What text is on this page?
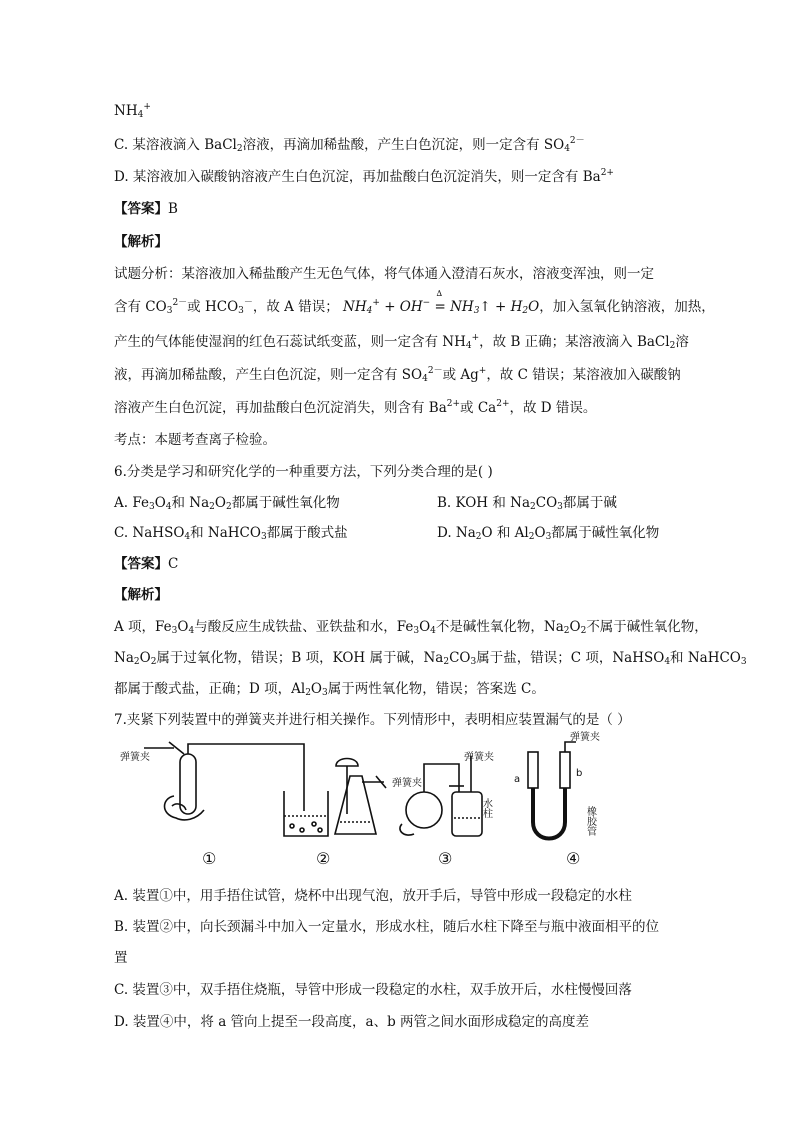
$NH_4^+$
C. 某溶液滴入 BaCl$_2$溶液，再滴加稀盐酸，产生白色沉淀，则一定含有 $SO_4^{2-}$
D. 某溶液加入碳酸钠溶液产生白色沉淀，再加盐酸白色沉淀消失，则一定含有 $Ba^{2+}$
【答案】B
【解析】
试题分析：某溶液加入稀盐酸产生无色气体，将气体通入澄清石灰水，溶液变浑浊，则一定
含有 $CO_3^{2-}$或 $HCO_3^-$，故 A 错误； $NH_4^+ + OH^-$ =
∆
$NH_3↑ + H_2O$，加入氢氧化钠溶液，加热，
产生的气体能使湿润的红色石蕊试纸变蓝，则一定含有 $NH_4^+$，故 B 正确；某溶液滴入 BaCl$_2$溶
液，再滴加稀盐酸，产生白色沉淀，则一定含有 $SO_4^{2-}$或 Ag+，故 C 错误；某溶液加入碳酸钠
溶液产生白色沉淀，再加盐酸白色沉淀消失，则含有 $Ba^{2+}$或 $Ca^{2+}$，故 D 错误。
考点：本题考查离子检验。
6.分类是学习和研究化学的一种重要方法，下列分类合理的是( )
A. $Fe_3O_4$和 $Na_2O_2$都属于碱性氧化物	B. KOH 和 $Na_2CO_3$都属于碱
C. NaHSO$_4$和 NaHCO$_3$都属于酸式盐	D. $Na_2O$ 和 $Al_2O_3$都属于碱性氧化物
【答案】C
【解析】
A 项，$Fe_3O_4$与酸反应生成铁盐、亚铁盐和水，$Fe_3O_4$不是碱性氧化物，$Na_2O_2$不属于碱性氧化物，
$Na_2O_2$属于过氧化物，错误；B 项，KOH 属于碱，$Na_2CO_3$属于盐，错误；C 项，NaHSO$_4$和 NaHCO$_3$
都属于酸式盐，正确；D 项，$Al_2O_3$属于两性氧化物，错误；答案选 C。
7.夹紧下列装置中的弹簧夹并进行相关操作。下列情形中，表明相应装置漏气的是（ ）
弹簧夹
弹簧夹
弹簧夹
弹簧夹
水柱	橡胶管
a
b
①	②	③	④
A. 装置①中，用手捂住试管，烧杯中出现气泡，放开手后，导管中形成一段稳定的水柱
B. 装置②中，向长颈漏斗中加入一定量水，形成水柱，随后水柱下降至与瓶中液面相平的位
置
C. 装置③中，双手捂住烧瓶，导管中形成一段稳定的水柱，双手放开后，水柱慢慢回落
D. 装置④中，将 a 管向上提至一段高度，a、b 两管之间水面形成稳定的高度差
